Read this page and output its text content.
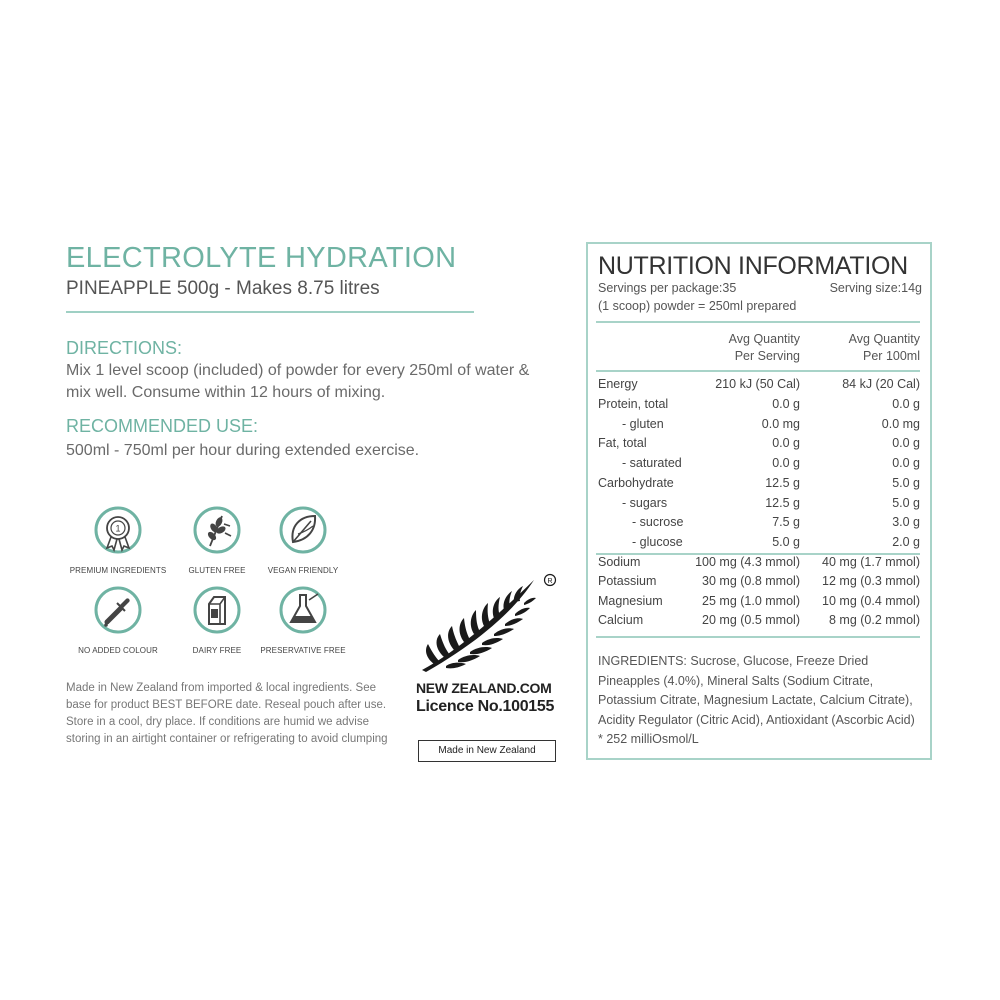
ELECTROLYTE HYDRATION
PINEAPPLE 500g - Makes 8.75 litres
DIRECTIONS:
Mix 1 level scoop (included) of powder for every 250ml of water & mix well. Consume within 12 hours of mixing.
RECOMMENDED USE:
500ml - 750ml per hour during extended exercise.
1
PREMIUM INGREDIENTS	GLUTEN FREE	VEGAN FRIENDLY
NO ADDED COLOUR	DAIRY FREE	PRESERVATIVE FREE
Made in New Zealand from imported & local ingredients. See base for product BEST BEFORE date. Reseal pouch after use. Store in a cool, dry place. If conditions are humid we advise storing in an airtight container or refrigerating to avoid clumping
R
NEW ZEALAND.COM
Licence No.100155
Made in New Zealand
NUTRITION INFORMATION
Servings per package:35	Serving size:14g
(1 scoop) powder = 250ml prepared
Avg Quantity
Per Serving
Avg Quantity
Per 100ml
Energy	210 kJ (50 Cal)	84 kJ (20 Cal)
Protein, total	0.0 g	0.0 g
- gluten	0.0 mg	0.0 mg
Fat, total	0.0 g	0.0 g
- saturated	0.0 g	0.0 g
Carbohydrate	12.5 g	5.0 g
- sugars	12.5 g	5.0 g
- sucrose	7.5 g	3.0 g
- glucose	5.0 g	2.0 g
Sodium	100 mg (4.3 mmol) 40 mg (1.7 mmol)
Potassium	30 mg (0.8 mmol) 12 mg (0.3 mmol)
Magnesium	25 mg (1.0 mmol) 10 mg (0.4 mmol)
Calcium	20 mg (0.5 mmol) 8 mg (0.2 mmol)
INGREDIENTS: Sucrose, Glucose, Freeze Dried Pineapples (4.0%), Mineral Salts (Sodium Citrate, Potassium Citrate, Magnesium Lactate, Calcium Citrate), Acidity Regulator (Citric Acid), Antioxidant (Ascorbic Acid) * 252 milliOsmol/L
